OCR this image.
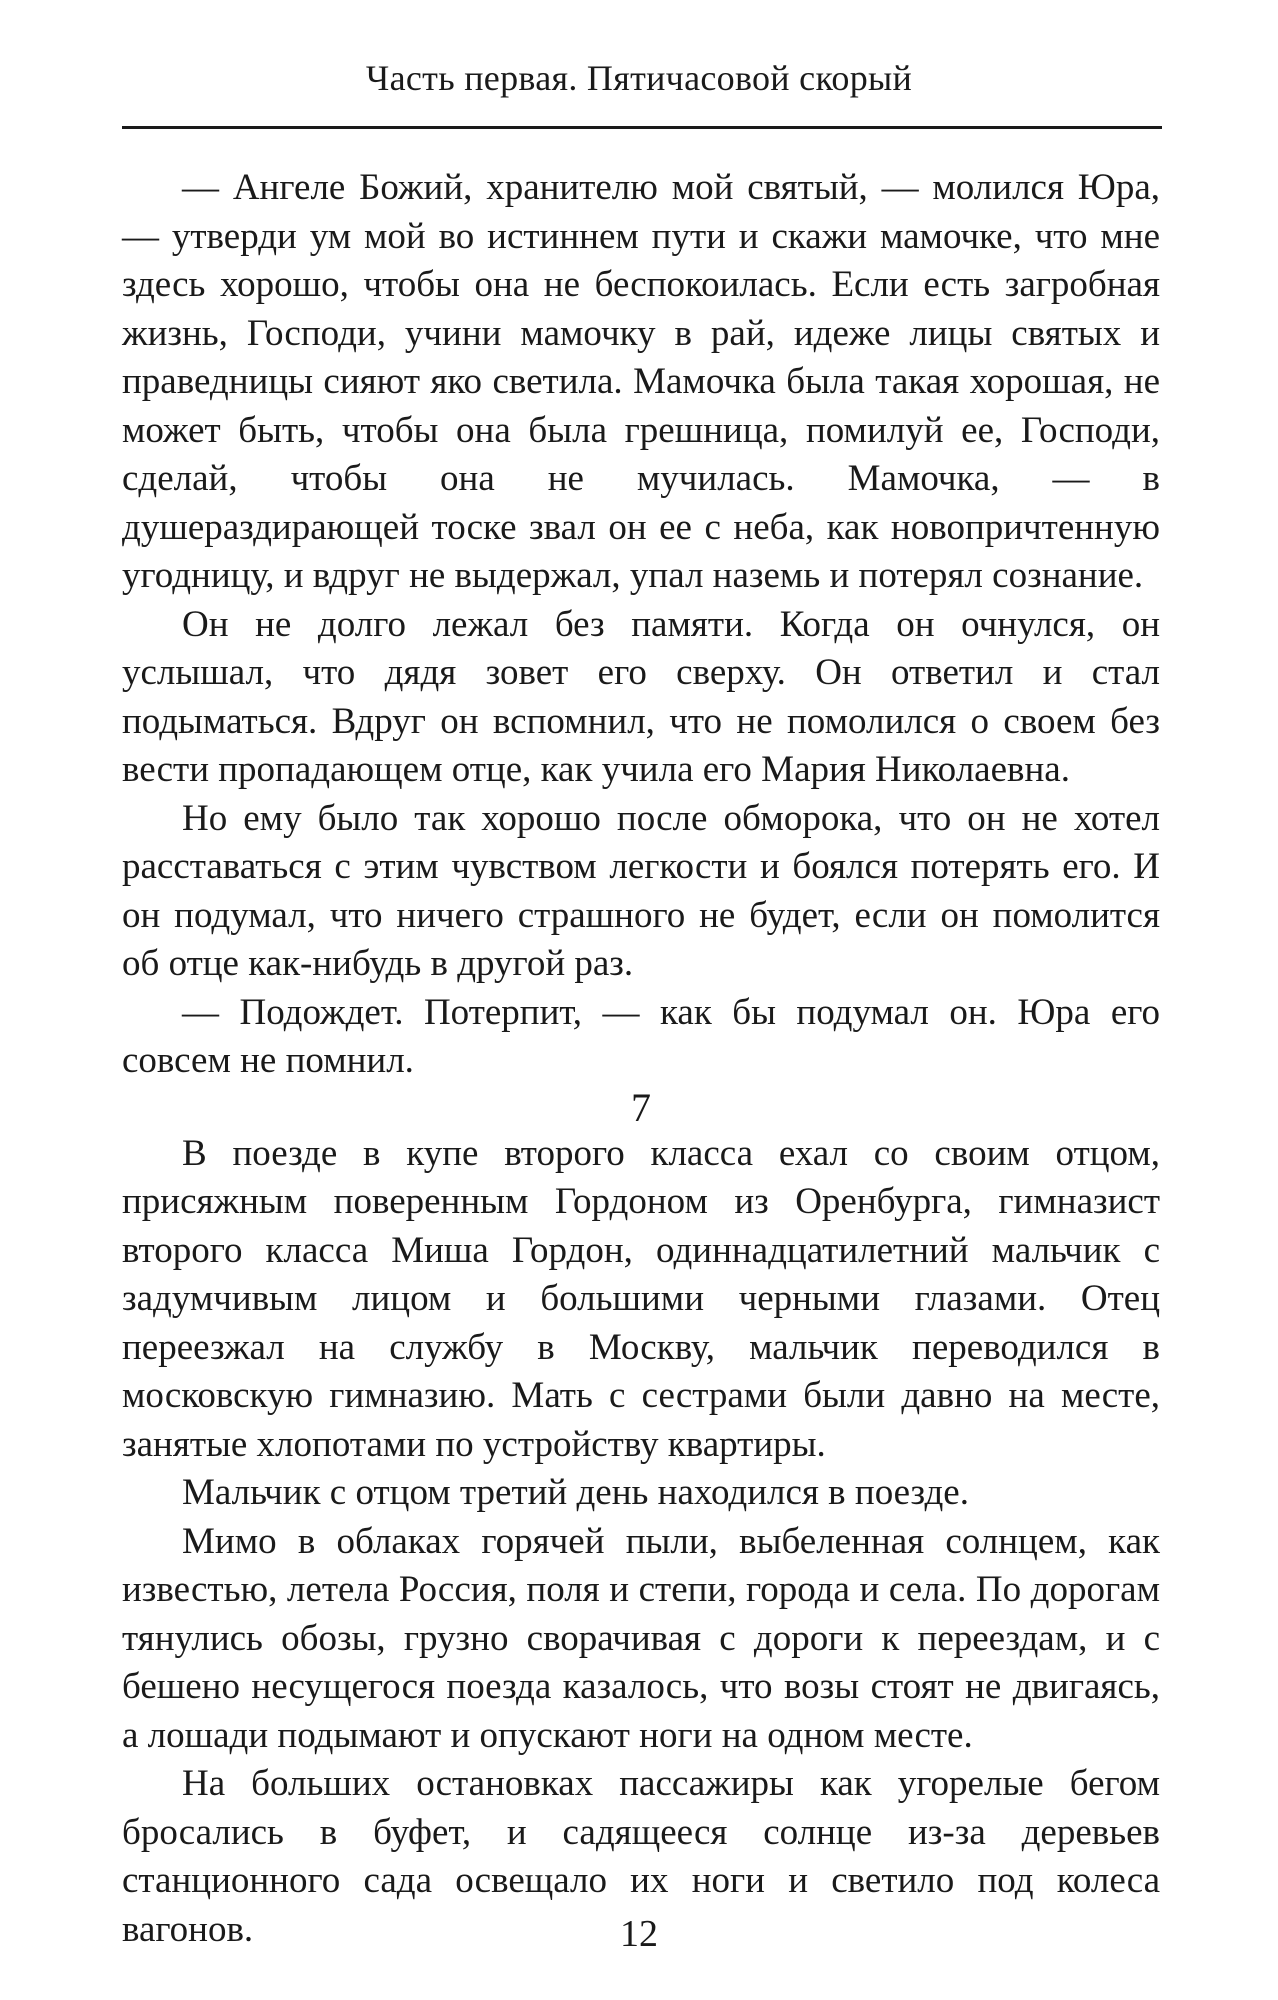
Часть первая. Пятичасовой скорый

— Ангеле Божий, хранителю мой святый, — молился Юра, — утверди ум мой во истиннем пути и скажи мамочке, что мне здесь хорошо, чтобы она не беспокоилась. Если есть загробная жизнь, Господи, учини мамочку в рай, идеже лицы святых и праведницы сияют яко светила. Мамочка была такая хорошая, не может быть, чтобы она была грешница, помилуй ее, Господи, сделай, чтобы она не мучилась. Мамочка, — в душераздирающей тоске звал он ее с неба, как новопричтенную угодницу, и вдруг не выдержал, упал наземь и потерял сознание.

Он не долго лежал без памяти. Когда он очнулся, он услышал, что дядя зовет его сверху. Он ответил и стал подыматься. Вдруг он вспомнил, что не помолился о своем без вести пропадающем отце, как учила его Мария Николаевна.

Но ему было так хорошо после обморока, что он не хотел расставаться с этим чувством легкости и боялся потерять его. И он подумал, что ничего страшного не будет, если он помолится об отце как-нибудь в другой раз.

— Подождет. Потерпит, — как бы подумал он. Юра его совсем не помнил.

7

В поезде в купе второго класса ехал со своим отцом, присяжным поверенным Гордоном из Оренбурга, гимназист второго класса Миша Гордон, одиннадцатилетний мальчик с задумчивым лицом и большими черными глазами. Отец переезжал на службу в Москву, мальчик переводился в московскую гимназию. Мать с сестрами были давно на месте, занятые хлопотами по устройству квартиры.

Мальчик с отцом третий день находился в поезде.

Мимо в облаках горячей пыли, выбеленная солнцем, как известью, летела Россия, поля и степи, города и села. По дорогам тянулись обозы, грузно сворачивая с дороги к переездам, и с бешено несущегося поезда казалось, что возы стоят не двигаясь, а лошади подымают и опускают ноги на одном месте.

На больших остановках пассажиры как угорелые бегом бросались в буфет, и садящееся солнце из-за деревьев станционного сада освещало их ноги и светило под колеса вагонов.	12
